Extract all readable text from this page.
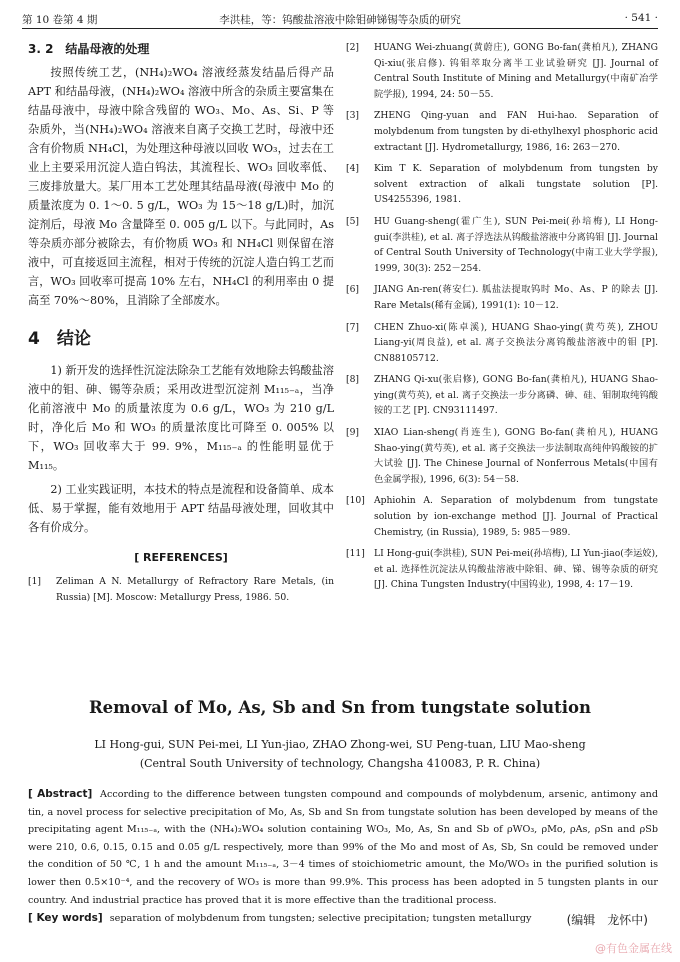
第 10 卷第 4 期	李洪桂，等：钨酸盐溶液中除钼砷锑锡等杂质的研究	· 541 ·
3. 2　结晶母液的处理

按照传统工艺，(NH₄)₂WO₄ 溶液经蒸发结晶后得产品 APT 和结晶母液，(NH₄)₂WO₄ 溶液中所含的杂质主要富集在结晶母液中，母液中除含残留的 WO₃、Mo、As、Si、P 等杂质外，当(NH₄)₂WO₄ 溶液来自离子交换工艺时，母液中还含有价物质 NH₄Cl，为处理这种母液以回收 WO₃，过去在工业上主要采用沉淀人造白钨法，其流程长、WO₃ 回收率低、三废排放量大。某厂用本工艺处理其结晶母液(母液中 Mo 的质量浓度为 0. 1～0. 5 g/L，WO₃ 为 15～18 g/L)时，加沉淀剂后，母液 Mo 含量降至 0. 005 g/L 以下。与此同时，As 等杂质亦部分被除去，有价物质 WO₃ 和 NH₄Cl 则保留在溶液中，可直接返回主流程，相对于传统的沉淀人造白钨工艺而言，WO₃ 回收率可提高 10% 左右，NH₄Cl 的利用率由 0 提高至 70%～80%，且消除了全部废水。

4　结论

1) 新开发的选择性沉淀法除杂工艺能有效地除去钨酸盐溶液中的钼、砷、锡等杂质；采用改进型沉淀剂 M₁₁₅₋ₐ，当净化前溶液中 Mo 的质量浓度为 0.6 g/L，WO₃ 为 210 g/L 时，净化后 Mo 和 WO₃ 的质量浓度比可降至 0. 005% 以下，WO₃ 回收率大于 99. 9%，M₁₁₅₋ₐ 的性能明显优于 M₁₁₅。

2) 工业实践证明，本技术的特点是流程和设备简单、成本低、易于掌握，能有效地用于 APT 结晶母液处理，回收其中各有价成分。

[ REFERENCES]
[1] Zeliman A N. Metallurgy of Refractory Rare Metals, (in Russia) [M]. Moscow: Metallurgy Press, 1986. 50.
[2] HUANG Wei-zhuang(黄蔚庄), GONG Bo-fan(龚柏凡), ZHANG Qi-xiu(张启修). 钨钼萃取分离半工业试验研究 [J]. Journal of Central South Institute of Mining and Metallurgy(中南矿冶学院学报), 1994, 24: 50－55.
[3] ZHENG Qing-yuan and FAN Hui-hao. Separation of molybdenum from tungsten by di-ethylhexyl phosphoric acid extractant [J]. Hydrometallurgy, 1986, 16: 263－270.
[4] Kim T K. Separation of molybdenum from tungsten by solvent extraction of alkali tungstate solution [P]. US4255396, 1981.
[5] HU Guang-sheng(霍广生), SUN Pei-mei(孙培梅), LI Hong-gui(李洪桂), et al. 离子浮选法从钨酸盐溶液中分离钨钼 [J]. Journal of Central South University of Technology(中南工业大学学报), 1999, 30(3): 252－254.
[6] JIANG An-ren(蒋安仁). 胍盐法提取钨时 Mo、As、P 的除去 [J]. Rare Metals(稀有金属), 1991(1): 10－12.
[7] CHEN Zhuo-xi(陈卓溪), HUANG Shao-ying(黄芍英), ZHOU Liang-yi(周良益), et al. 离子交换法分离钨酸盐溶液中的钼 [P]. CN88105712.
[8] ZHANG Qi-xu(张启修), GONG Bo-fan(龚柏凡), HUANG Shao-ying(黄芍英), et al. 离子交换法一步分离磷、砷、硅、钼制取纯钨酸铵的工艺 [P]. CN93111497.
[9] XIAO Lian-sheng(肖连生), GONG Bo-fan(龚柏凡), HUANG Shao-ying(黄芍英), et al. 离子交换法一步法制取高纯仲钨酸铵的扩大试验 [J]. The Chinese Journal of Nonferrous Metals(中国有色金属学报), 1996, 6(3): 54－58.
[10] Aphiohin A. Separation of molybdenum from tungstate solution by ion-exchange method [J]. Journal of Practical Chemistry, (in Russia), 1989, 5: 985－989.
[11] LI Hong-gui(李洪桂), SUN Pei-mei(孙培梅), LI Yun-jiao(李运姣), et al. 选择性沉淀法从钨酸盐溶液中除钼、砷、锑、锡等杂质的研究 [J]. China Tungsten Industry(中国钨业), 1998, 4: 17－19.
Removal of Mo, As, Sb and Sn from tungstate solution
LI Hong-gui, SUN Pei-mei, LI Yun-jiao, ZHAO Zhong-wei, SU Peng-tuan, LIU Mao-sheng
(Central South University of technology, Changsha 410083, P. R. China)
[ Abstract] According to the difference between tungsten compound and compounds of molybdenum, arsenic, antimony and tin, a novel process for selective precipitation of Mo, As, Sb and Sn from tungstate solution has been developed by means of the precipitating agent M₁₁₅₋ₐ, with the (NH₄)₂WO₄ solution containing WO₃, Mo, As, Sn and Sb of ρWO₃, ρMo, ρAs, ρSn and ρSb were 210, 0.6, 0.15, 0.15 and 0.05 g/L respectively, more than 99% of the Mo and most of As, Sb, Sn could be removed under the condition of 50 ℃, 1 h and the amount M₁₁₅₋ₐ, 3－4 times of stoichiometric amount, the Mo/WO₃ in the purified solution is lower then 0.5×10⁻⁴, and the recovery of WO₃ is more than 99.9%. This process has been adopted in 5 tungsten plants in our country. And industrial practice has proved that it is more effective than the traditional process.
[ Key words] separation of molybdenum from tungsten; selective precipitation; tungsten metallurgy	(编辑　龙怀中)
@有色金属在线
